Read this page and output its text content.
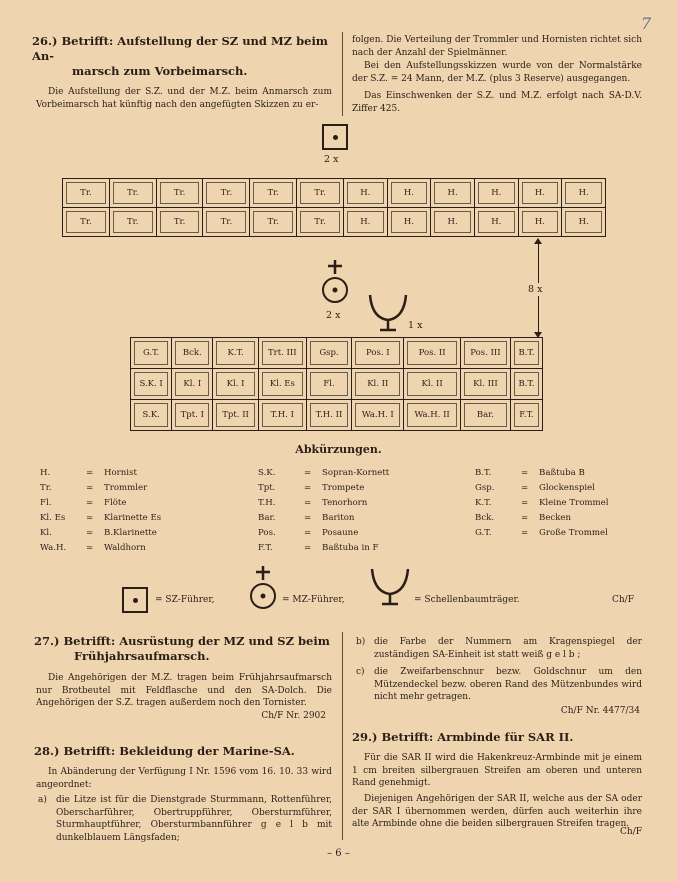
7
26.) Betrifft: Aufstellung der SZ und MZ beim An-
marsch zum Vorbeimarsch.
Die Aufstellung der S.Z. und der M.Z. beim Anmarsch zum Vorbeimarsch hat künftig nach den angefügten Skizzen zu er-
folgen. Die Verteilung der Trommler und Hornisten richtet sich nach der Anzahl der Spielmänner.
Bei den Aufstellungsskizzen wurde von der Normalstärke der S.Z. = 24 Mann, der M.Z. (plus 3 Reserve) ausgegangen.
Das Einschwenken der S.Z. und M.Z. erfolgt nach SA-D.V. Ziffer 425.
2 x
Tr.	Tr.	Tr.	Tr.	Tr.	Tr.	H.	H.	H.	H.	H.	H.

Tr.	Tr.	Tr.	Tr.	Tr.	Tr.	H.	H.	H.	H.	H.	H.
2 x
1 x
8 x
G.T.	Bck.	K.T.	Trt. III	Gsp.	Pos. I	Pos. II	Pos. III	B.T.

S.K. I	Kl. I	Kl. I	Kl. Es	Fl.	Kl. II	Kl. II	Kl. III	B.T.

S.K.	Tpt. I	Tpt. II	T.H. I	T.H. II	Wa.H. I	Wa.H. II	Bar.	F.T.
Abkürzungen.
H.	= Hornist
Tr.	= Trommler
Fl.	= Flöte
Kl. Es = Klarinette Es
Kl.	= B.Klarinette
Wa.H. = Waldhorn
S.K.	= Sopran-Kornett
Tpt.	= Trompete
T.H.	= Tenorhorn
Bar.	= Bariton
Pos.	= Posaune
F.T.	= Baßtuba in F
B.T.	= Baßtuba B
Gsp.	= Glockenspiel
K.T.	= Kleine Trommel
Bck.	= Becken
G.T.	= Große Trommel
= SZ-Führer,	= MZ-Führer,	= Schellenbaumträger.	Ch/F
27.) Betrifft: Ausrüstung der MZ und SZ beim
Frühjahrsaufmarsch.
Die Angehörigen der M.Z. tragen beim Frühjahrsaufmarsch nur Brotbeutel mit Feldflasche und den SA-Dolch. Die Angehörigen der S.Z. tragen außerdem noch den Tornister.
Ch/F Nr. 2902
28.) Betrifft: Bekleidung der Marine-SA.
In Abänderung der Verfügung I Nr. 1596 vom 16. 10. 33 wird angeordnet:
a) die Litze ist für die Dienstgrade Sturmmann, Rottenführer, Oberscharführer, Obertruppführer, Obersturmführer, Sturmhauptführer, Obersturmbannführer g e l b mit dunkelblauem Längsfaden;
b) die Farbe der Nummern am Kragenspiegel der zuständigen SA-Einheit ist statt weiß g e l b ;
c) die Zweifarbenschnur bezw. Goldschnur um den Mützendeckel bezw. oberen Rand des Mützenbundes wird nicht mehr getragen.
Ch/F Nr. 4477/34
29.) Betrifft: Armbinde für SAR II.
Für die SAR II wird die Hakenkreuz-Armbinde mit je einem 1 cm breiten silbergrauen Streifen am oberen und unteren Rand genehmigt.
Diejenigen Angehörigen der SAR II, welche aus der SA oder der SAR I übernommen werden, dürfen auch weiterhin ihre alte Armbinde ohne die beiden silbergrauen Streifen tragen.
Ch/F
– 6 –
